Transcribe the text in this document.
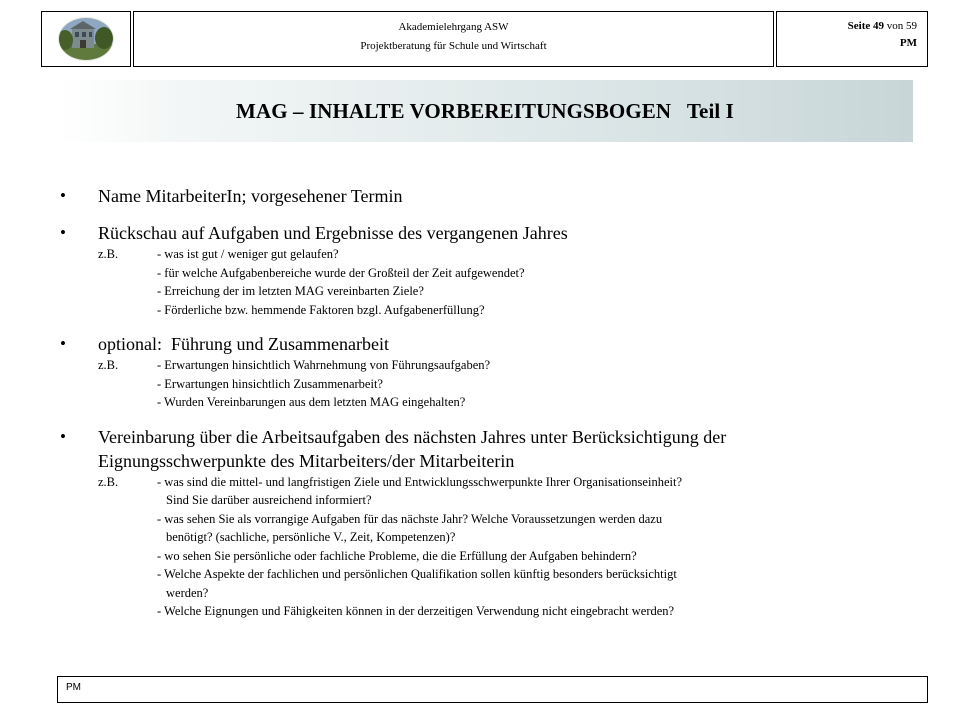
Akademielehrgang ASW
Projektberatung für Schule und Wirtschaft
Seite 49 von 59
PM
MAG – INHALTE VORBEREITUNGSBOGEN   Teil I
• Name MitarbeiterIn; vorgesehener Termin
• Rückschau auf Aufgaben und Ergebnisse des vergangenen Jahres
z.B.	- was ist gut / weniger gut gelaufen?
- für welche Aufgabenbereiche wurde der Großteil der Zeit aufgewendet?
- Erreichung der im letzten MAG vereinbarten Ziele?
- Förderliche bzw. hemmende Faktoren bzgl. Aufgabenerfüllung?
• optional:  Führung und Zusammenarbeit
z.B.	- Erwartungen hinsichtlich Wahrnehmung von Führungsaufgaben?
- Erwartungen hinsichtlich Zusammenarbeit?
- Wurden Vereinbarungen aus dem letzten MAG eingehalten?
• Vereinbarung über die Arbeitsaufgaben des nächsten Jahres unter Berücksichtigung der
Eignungsschwerpunkte des Mitarbeiters/der Mitarbeiterin
z.B.	- was sind die mittel- und langfristigen Ziele und Entwicklungsschwerpunkte Ihrer Organisationseinheit?
Sind Sie darüber ausreichend informiert?
- was sehen Sie als vorrangige Aufgaben für das nächste Jahr? Welche Voraussetzungen werden dazu
benötigt? (sachliche, persönliche V., Zeit, Kompetenzen)?
- wo sehen Sie persönliche oder fachliche Probleme, die die Erfüllung der Aufgaben behindern?
- Welche Aspekte der fachlichen und persönlichen Qualifikation sollen künftig besonders berücksichtigt
werden?
- Welche Eignungen und Fähigkeiten können in der derzeitigen Verwendung nicht eingebracht werden?
PM
